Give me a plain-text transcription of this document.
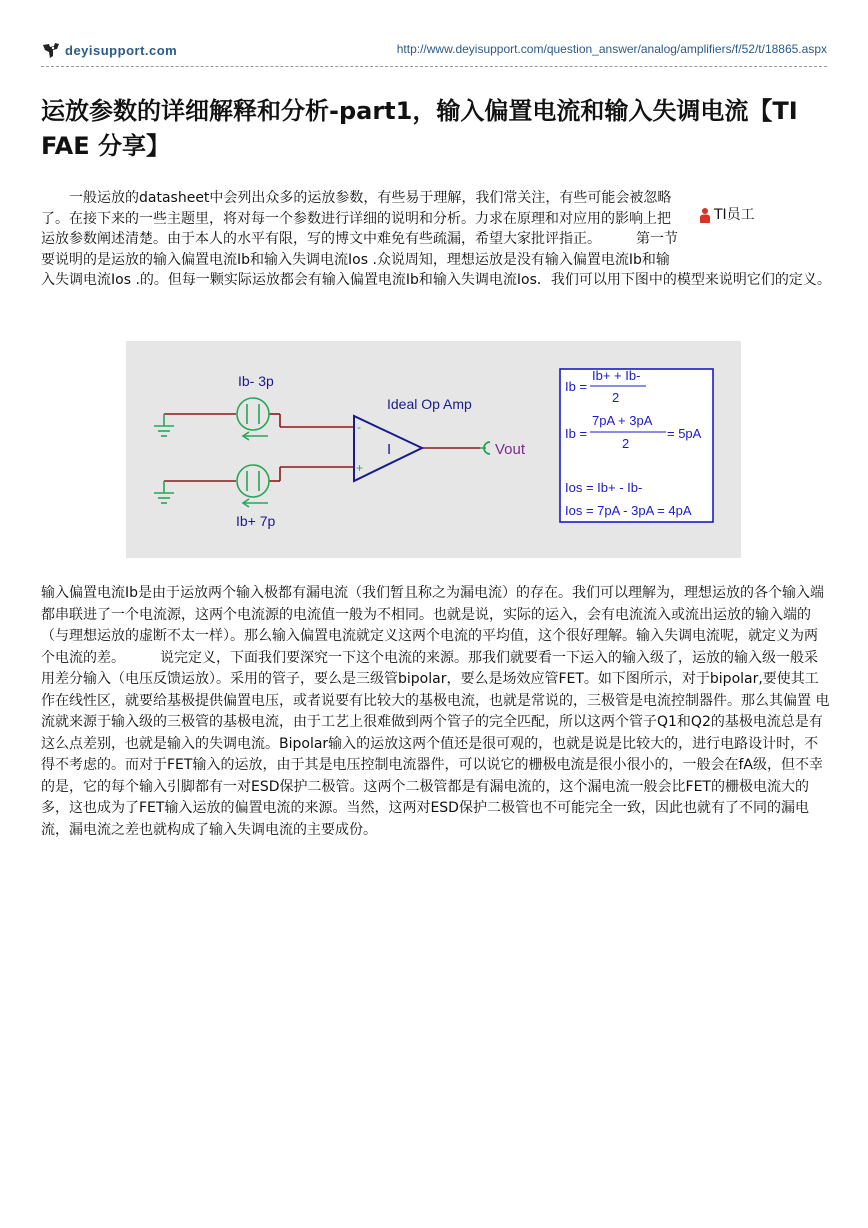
deyisupport.com	http://www.deyisupport.com/question_answer/analog/amplifiers/f/52/t/18865.aspx
运放参数的详细解释和分析-part1，输入偏置电流和输入失调电流【TI FAE 分享】
TI员工

一般运放的datasheet中会列出众多的运放参数，有些易于理解，我们常关注，有些可能会被忽略了。在接下来的一些主题里，将对每一个参数进行详细的说明和分析。力求在原理和对应用的影响上把运放参数阐述清楚。由于本人的水平有限，写的博文中难免有些疏漏，希望大家批评指正。　　　第一节要说明的是运放的输入偏置电流Ib和输入失调电流Ios .众说周知，理想运放是没有输入偏置电流Ib和输入失调电流Ios .的。但每一颗实际运放都会有输入偏置电流Ib和输入失调电流Ios．我们可以用下图中的模型来说明它们的定义。

Ib- 3p
Ib+ 7p
I
-
+
Ideal Op Amp
Vout
Ib =
Ib+ + Ib-
2
Ib =
7pA + 3pA
2
= 5pA
Ios = Ib+ - Ib-
Ios = 7pA - 3pA = 4pA

输入偏置电流Ib是由于运放两个输入极都有漏电流（我们暂且称之为漏电流）的存在。我们可以理解为，理想运放的各个输入端都串联进了一个电流源，这两个电流源的电流值一般为不相同。也就是说，实际的运入，会有电流流入或流出运放的输入端的（与理想运放的虚断不太一样）。那么输入偏置电流就定义这两个电流的平均值，这个很好理解。输入失调电流呢，就定义为两个电流的差。　　　说完定义，下面我们要深究一下这个电流的来源。那我们就要看一下运入的输入级了，运放的输入级一般采用差分输入（电压反馈运放）。采用的管子，要么是三级管bipolar，要么是场效应管FET。如下图所示，对于bipolar,要使其工作在线性区，就要给基极提供偏置电压，或者说要有比较大的基极电流，也就是常说的，三极管是电流控制器件。那么其偏置 电流就来源于输入级的三极管的基极电流，由于工艺上很难做到两个管子的完全匹配，所以这两个管子Q1和Q2的基极电流总是有这么点差别，也就是输入的失调电流。Bipolar输入的运放这两个值还是很可观的，也就是说是比较大的，进行电路设计时，不得不考虑的。而对于FET输入的运放，由于其是电压控制电流器件，可以说它的栅极电流是很小很小的，一般会在fA级，但不幸的是，它的每个输入引脚都有一对ESD保护二极管。这两个二极管都是有漏电流的，这个漏电流一般会比FET的栅极电流大的多，这也成为了FET输入运放的偏置电流的来源。当然，这两对ESD保护二极管也不可能完全一致，因此也就有了不同的漏电流，漏电流之差也就构成了输入失调电流的主要成份。
